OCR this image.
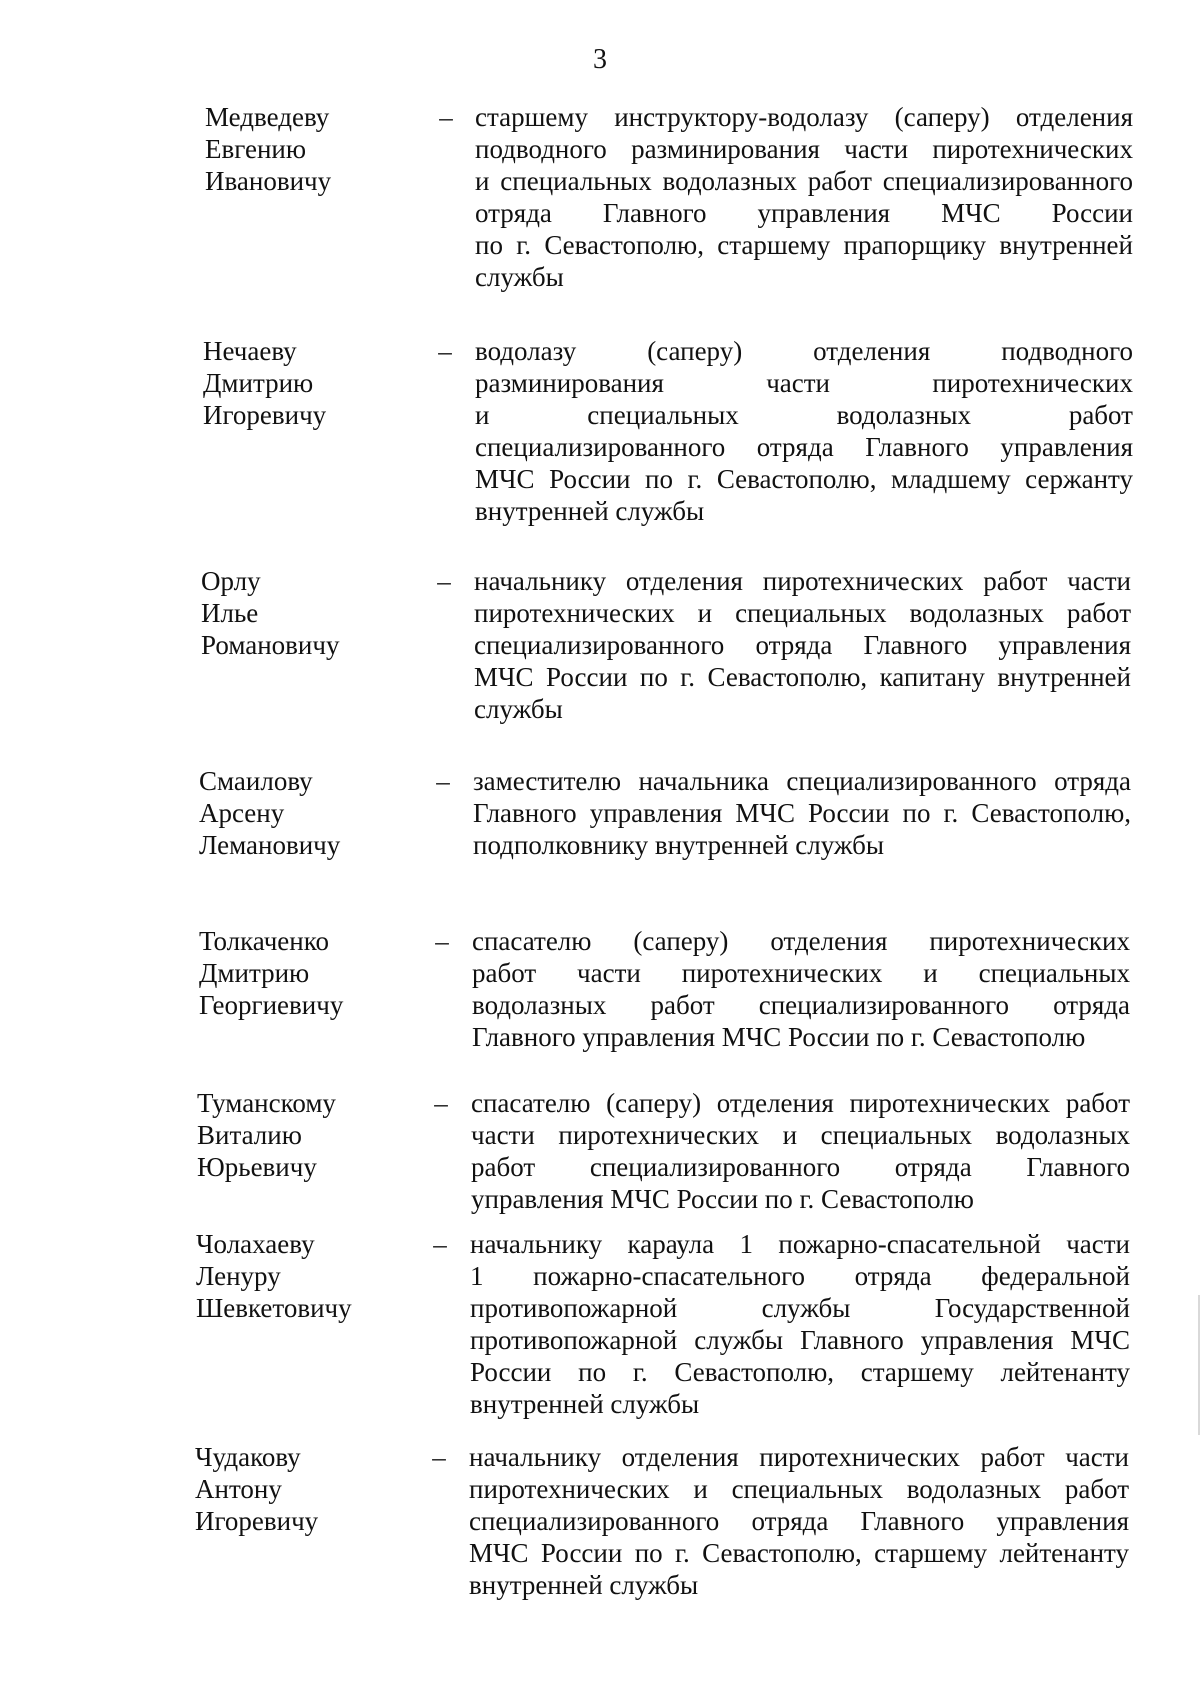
3
Медведеву
Евгению
Ивановичу
– старшему инструктору-водолазу (саперу) отделения
подводного разминирования части пиротехнических
и специальных водолазных работ специализированного
отряда Главного управления МЧС России
по г. Севастополю, старшему прапорщику внутренней
службы
Нечаеву
Дмитрию
Игоревичу
– водолазу (саперу) отделения подводного
разминирования части пиротехнических
и специальных водолазных работ
специализированного отряда Главного управления
МЧС России по г. Севастополю, младшему сержанту
внутренней службы
Орлу
Илье
Романовичу
– начальнику отделения пиротехнических работ части
пиротехнических и специальных водолазных работ
специализированного отряда Главного управления
МЧС России по г. Севастополю, капитану внутренней
службы
Смаилову
Арсену
Лемановичу
– заместителю начальника специализированного отряда
Главного управления МЧС России по г. Севастополю,
подполковнику внутренней службы
Толкаченко
Дмитрию
Георгиевичу
– спасателю (саперу) отделения пиротехнических
работ части пиротехнических и специальных
водолазных работ специализированного отряда
Главного управления МЧС России по г. Севастополю
Туманскому
Виталию
Юрьевичу
– спасателю (саперу) отделения пиротехнических работ
части пиротехнических и специальных водолазных
работ специализированного отряда Главного
управления МЧС России по г. Севастополю
Чолахаеву
Ленуру
Шевкетовичу
– начальнику караула 1 пожарно-спасательной части
1 пожарно-спасательного отряда федеральной
противопожарной службы Государственной
противопожарной службы Главного управления МЧС
России по г. Севастополю, старшему лейтенанту
внутренней службы
Чудакову
Антону
Игоревичу
– начальнику отделения пиротехнических работ части
пиротехнических и специальных водолазных работ
специализированного отряда Главного управления
МЧС России по г. Севастополю, старшему лейтенанту
внутренней службы
